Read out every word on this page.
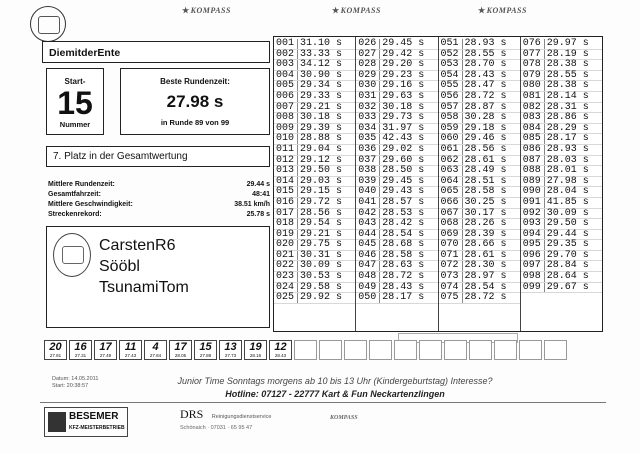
★ KOMPASS	★ KOMPASS	★ KOMPASS
DiemitderEnte
Start-
15
Nummer
Beste Rundenzeit:
27.98 s
in Runde 89 von 99
7. Platz in der Gesamtwertung
Mittlere Rundenzeit:	29.44 s
Gesamtfahrzeit:	48:41
Mittlere Geschwindigkeit:	38.51 km/h
Streckenrekord:	25.78 s
CarstenR6
Sööbl
TsunamiTom
001 31.10 s
002 33.33 s
003 34.12 s
004 30.90 s
005 29.34 s
006 29.33 s
007 29.21 s
008 30.18 s
009 29.39 s
010 28.88 s
011 29.04 s
012 29.12 s
013 29.50 s
014 29.03 s
015 29.15 s
016 29.72 s
017 28.56 s
018 29.54 s
019 29.21 s
020 29.75 s
021 30.31 s
022 30.09 s
023 30.53 s
024 29.58 s
025 29.92 s
026 29.45 s
027 29.42 s
028 29.20 s
029 29.23 s
030 29.16 s
031 29.63 s
032 30.18 s
033 29.73 s
034 31.97 s
035 42.43 s
036 29.02 s
037 29.60 s
038 28.50 s
039 29.45 s
040 29.43 s
041 28.57 s
042 28.53 s
043 28.42 s
044 28.54 s
045 28.68 s
046 28.58 s
047 28.63 s
048 28.72 s
049 28.43 s
050 28.17 s
051 28.93 s
052 28.55 s
053 28.70 s
054 28.43 s
055 28.47 s
056 28.72 s
057 28.87 s
058 30.28 s
059 29.18 s
060 29.46 s
061 28.56 s
062 28.61 s
063 28.49 s
064 28.51 s
065 28.58 s
066 30.25 s
067 30.17 s
068 28.26 s
069 28.39 s
070 28.66 s
071 28.61 s
072 28.30 s
073 28.97 s
074 28.54 s
075 28.72 s
076 29.97 s
077 28.19 s
078 28.38 s
079 28.55 s
080 28.38 s
081 28.14 s
082 28.31 s
083 28.86 s
084 28.29 s
085 28.17 s
086 28.93 s
087 28.03 s
088 28.01 s
089 27.98 s
090 28.04 s
091 41.85 s
092 30.09 s
093 29.50 s
094 29.44 s
095 29.35 s
096 29.70 s
097 28.84 s
098 28.64 s
099 29.67 s
20
27.81
16
27.31
17
27.49
11
27.43
4
27.84
17
28.05
15
27.88
13
27.73
19
28.16
12
28.43
Datum: 14.05.2011
Start: 20:38:57	Junior Time Sonntags morgens ab 10 bis 13 Uhr (Kindergeburtstag) Interesse?
Hotline: 07127 - 22777 Kart & Fun Neckartenzlingen
BESEMER
KFZ-MEISTERBETRIEB
DRS Reinigungsdienstservice
Schönaich · 07031 · 65 95 47
KOMPASS
